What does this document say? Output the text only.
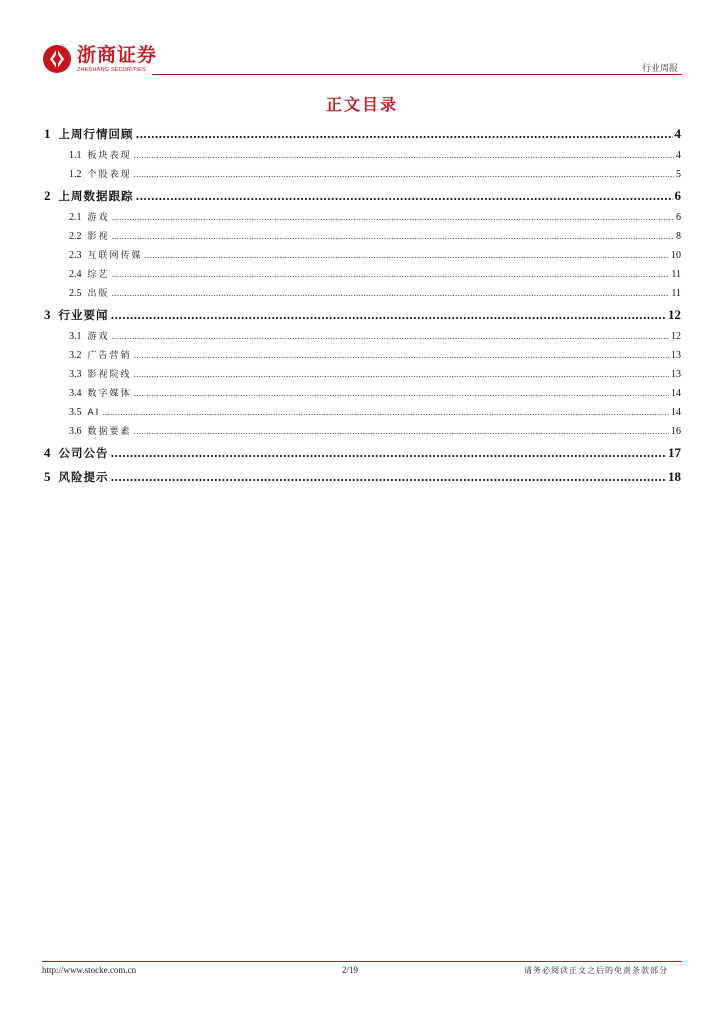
浙商证券
ZHESHANG SECURITIES	行业周报
正文目录
1 上周行情回顾 .....	4
1.1 板块表现 .....	4
1.2 个股表现 .....	5
2 上周数据跟踪 .....	6
2.1 游戏 .....	6
2.2 影视 .....	8
2.3 互联网传媒 .....	10
2.4 综艺 .....	11
2.5 出版 .....	11
3 行业要闻 .....	12
3.1 游戏 .....	12
3.2 广告营销 .....	13
3.3 影视院线 .....	13
3.4 数字媒体 .....	14
3.5 AI .....	14
3.6 数据要素 .....	16
4 公司公告 .....	17
5 风险提示 .....	18
http://www.stocke.com.cn	2/19	请务必阅读正文之后的免责条款部分
